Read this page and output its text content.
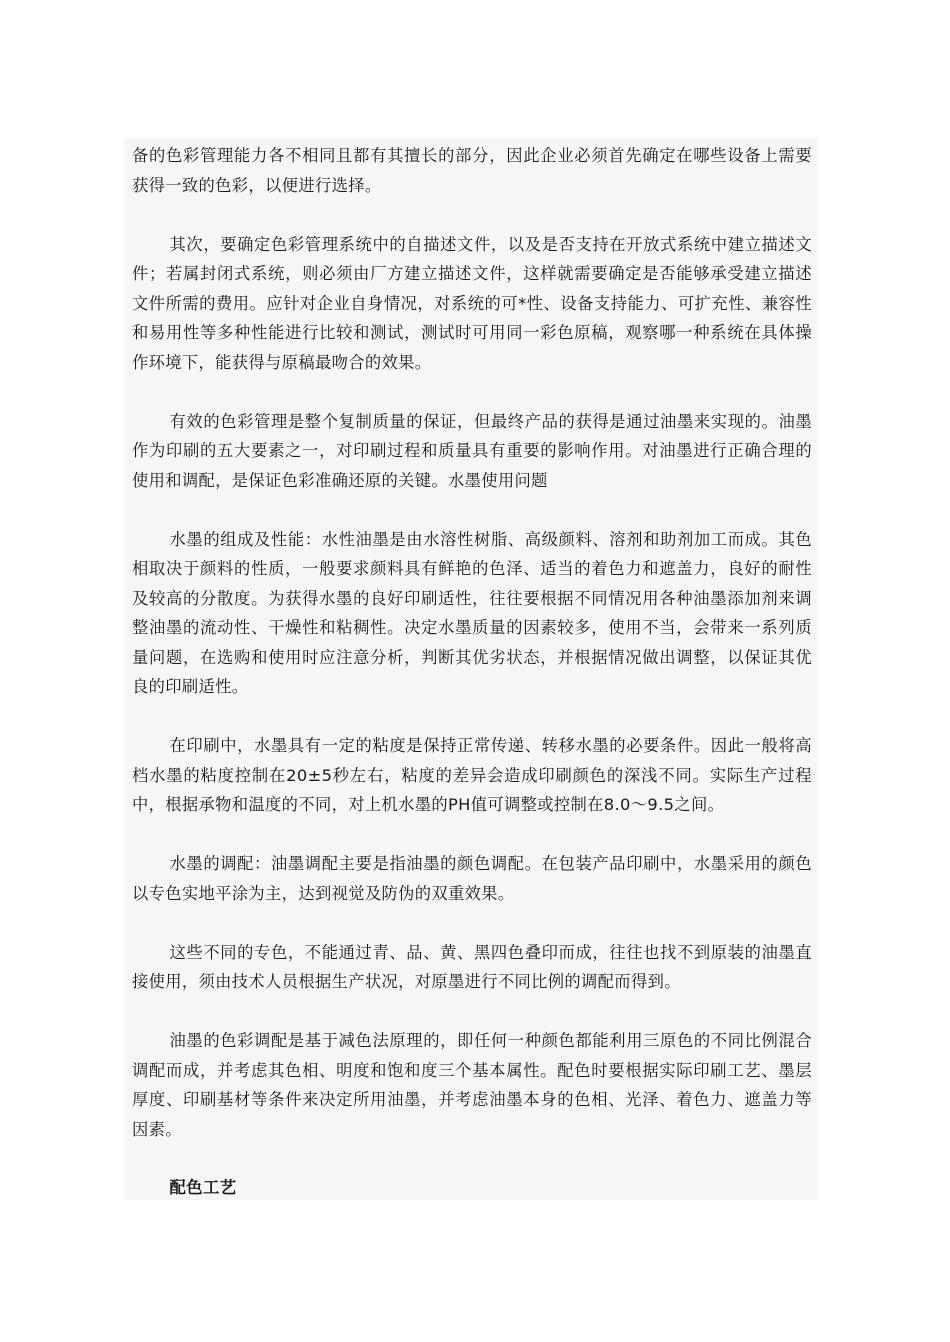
备的色彩管理能力各不相同且都有其擅长的部分，因此企业必须首先确定在哪些设备上需要获得一致的色彩，以便进行选择。

其次，要确定色彩管理系统中的自描述文件，以及是否支持在开放式系统中建立描述文件；若属封闭式系统，则必须由厂方建立描述文件，这样就需要确定是否能够承受建立描述文件所需的费用。应针对企业自身情况，对系统的可*性、设备支持能力、可扩充性、兼容性和易用性等多种性能进行比较和测试，测试时可用同一彩色原稿，观察哪一种系统在具体操作环境下，能获得与原稿最吻合的效果。

有效的色彩管理是整个复制质量的保证，但最终产品的获得是通过油墨来实现的。油墨作为印刷的五大要素之一，对印刷过程和质量具有重要的影响作用。对油墨进行正确合理的使用和调配，是保证色彩准确还原的关键。水墨使用问题

水墨的组成及性能：水性油墨是由水溶性树脂、高级颜料、溶剂和助剂加工而成。其色相取决于颜料的性质，一般要求颜料具有鲜艳的色泽、适当的着色力和遮盖力，良好的耐性及较高的分散度。为获得水墨的良好印刷适性，往往要根据不同情况用各种油墨添加剂来调整油墨的流动性、干燥性和粘稠性。决定水墨质量的因素较多，使用不当，会带来一系列质量问题，在选购和使用时应注意分析，判断其优劣状态，并根据情况做出调整，以保证其优良的印刷适性。

在印刷中，水墨具有一定的粘度是保持正常传递、转移水墨的必要条件。因此一般将高档水墨的粘度控制在20±5秒左右，粘度的差异会造成印刷颜色的深浅不同。实际生产过程中，根据承物和温度的不同，对上机水墨的PH值可调整或控制在8.0～9.5之间。

水墨的调配：油墨调配主要是指油墨的颜色调配。在包装产品印刷中，水墨采用的颜色以专色实地平涂为主，达到视觉及防伪的双重效果。

这些不同的专色，不能通过青、品、黄、黑四色叠印而成，往往也找不到原装的油墨直接使用，须由技术人员根据生产状况，对原墨进行不同比例的调配而得到。

油墨的色彩调配是基于减色法原理的，即任何一种颜色都能利用三原色的不同比例混合调配而成，并考虑其色相、明度和饱和度三个基本属性。配色时要根据实际印刷工艺、墨层厚度、印刷基材等条件来决定所用油墨，并考虑油墨本身的色相、光泽、着色力、遮盖力等因素。

配色工艺
